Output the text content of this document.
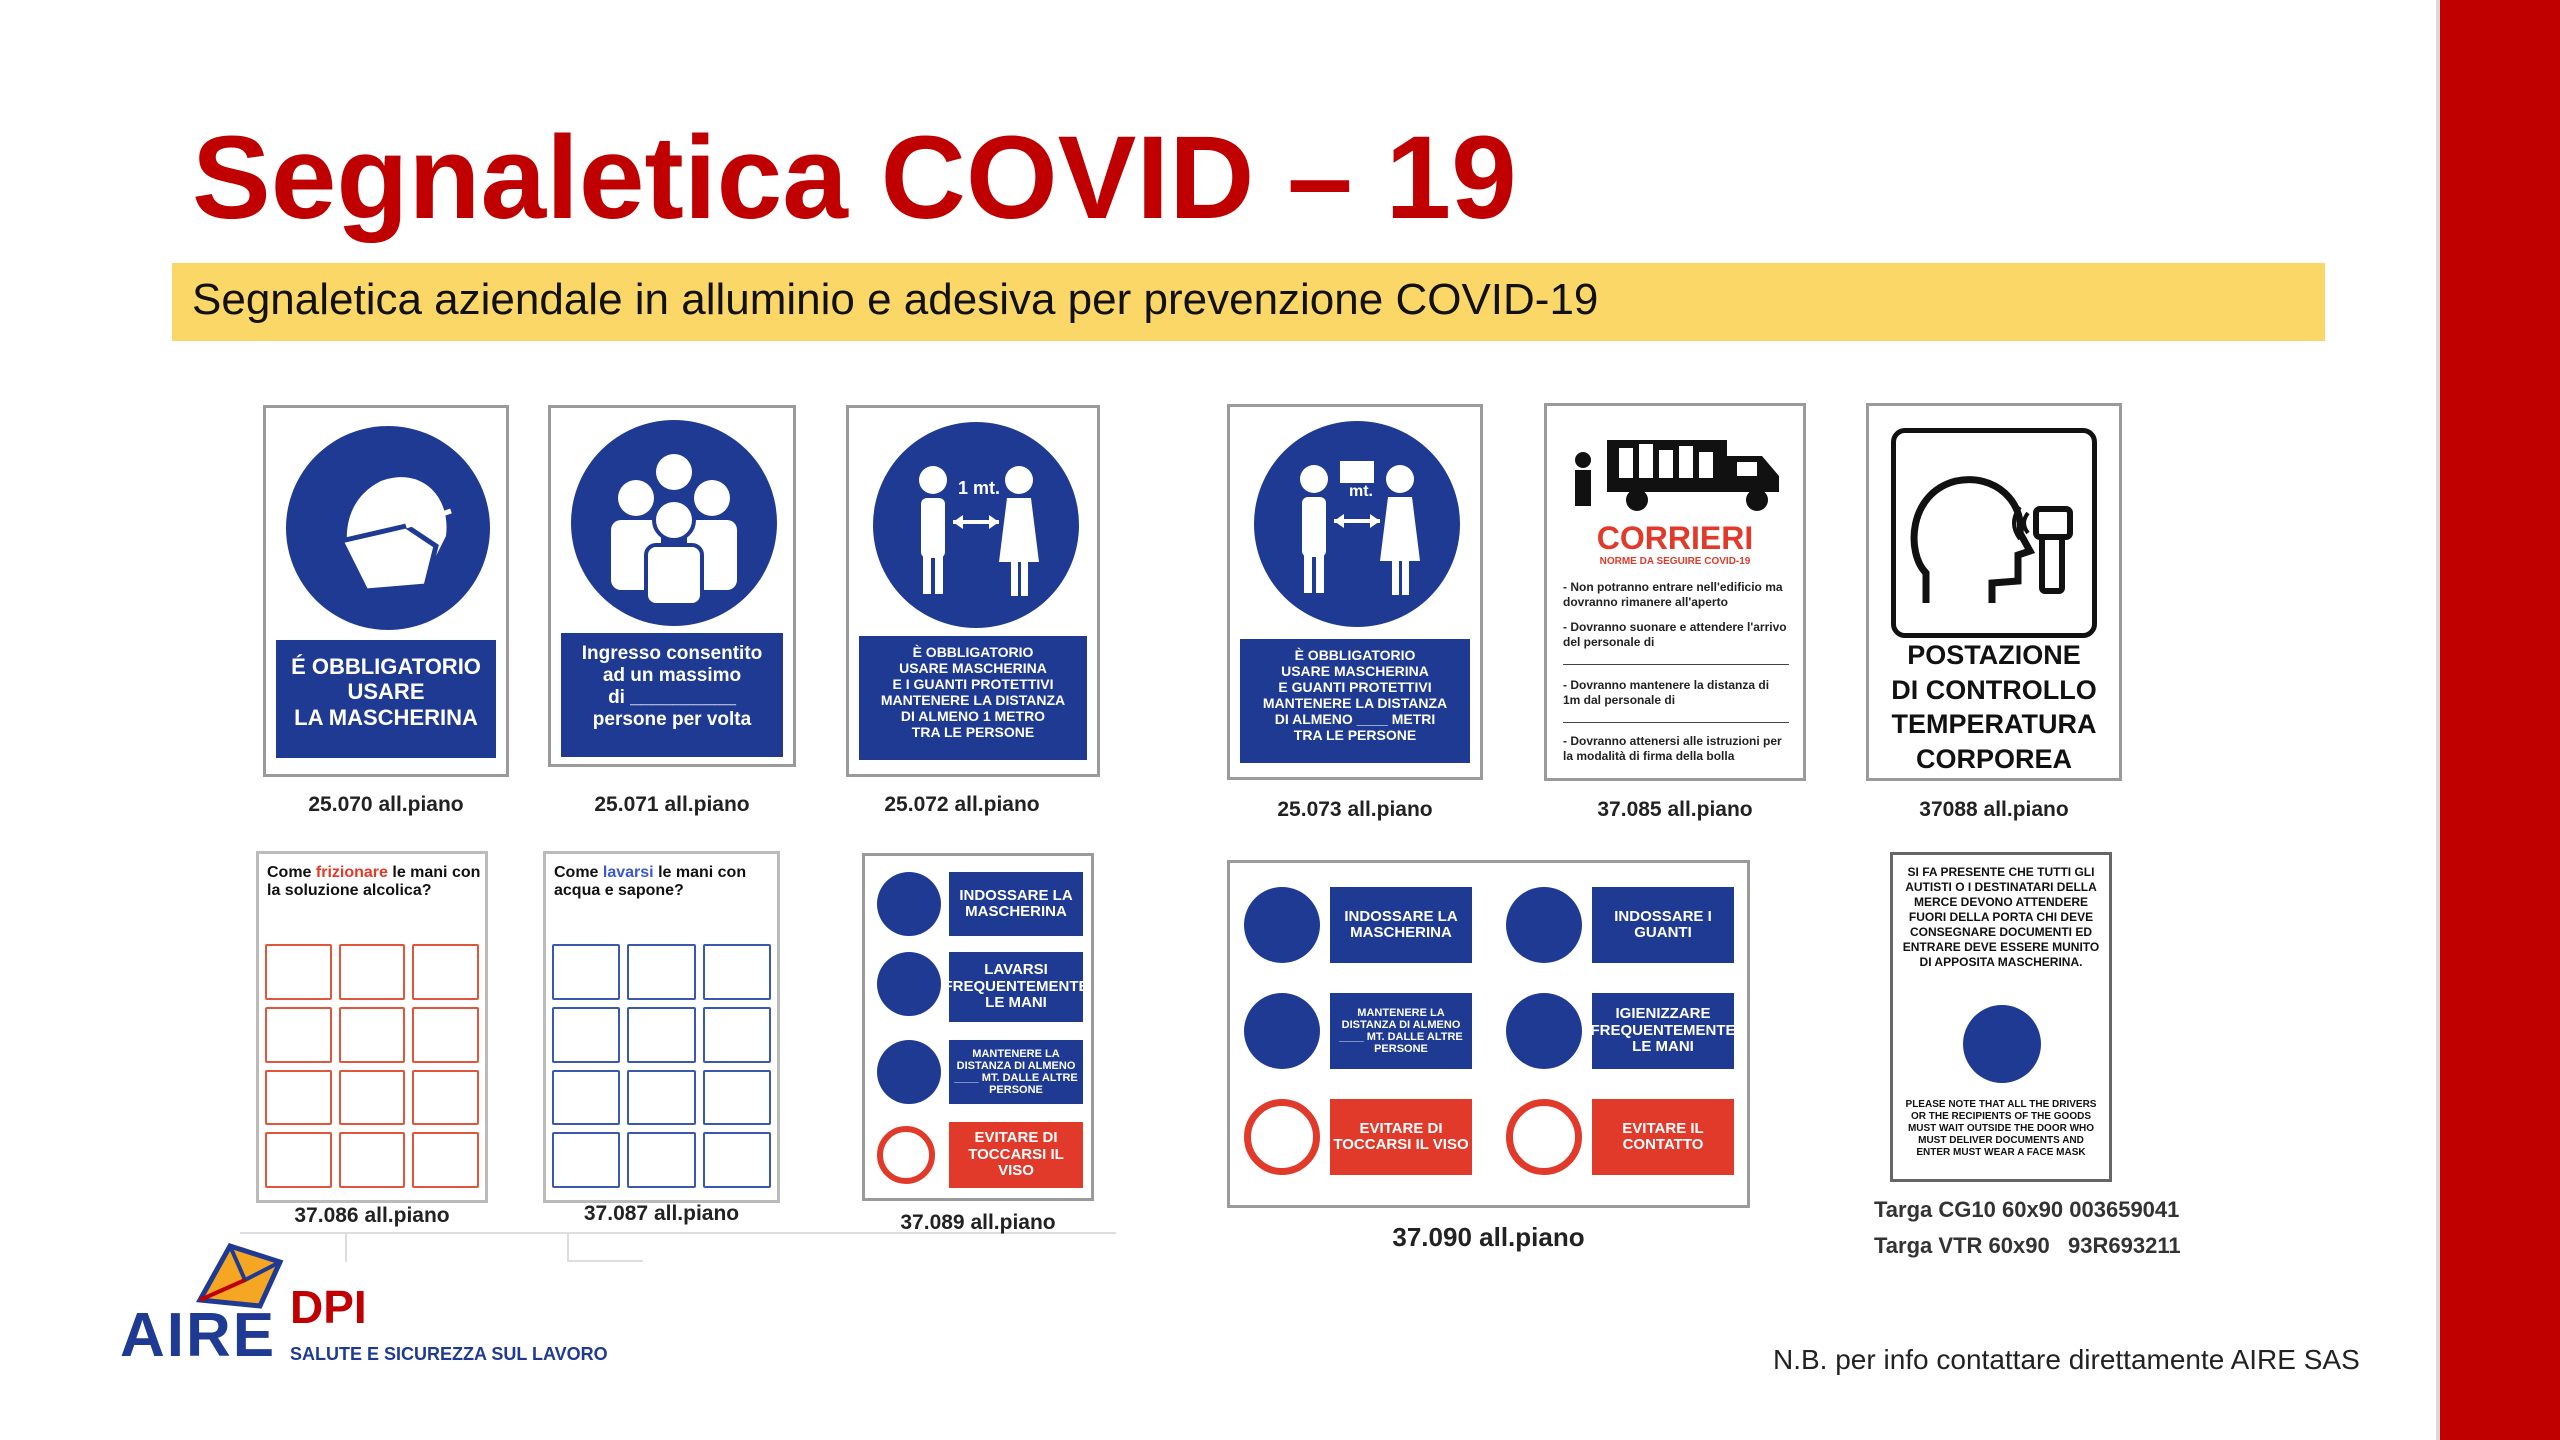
Segnaletica COVID – 19
Segnaletica aziendale in alluminio e adesiva per prevenzione COVID-19
É OBBLIGATORIO
USARE
LA MASCHERINA
25.070 all.piano
Ingresso consentito
ad un massimo
di __________
persone per volta
25.071 all.piano
1 mt.
È OBBLIGATORIO
USARE MASCHERINA
E I GUANTI PROTETTIVI
MANTENERE LA DISTANZA
DI ALMENO 1 METRO
TRA LE PERSONE
25.072 all.piano
mt.
È OBBLIGATORIO
USARE MASCHERINA
E GUANTI PROTETTIVI
MANTENERE LA DISTANZA
DI ALMENO ____ METRI
TRA LE PERSONE
25.073 all.piano
CORRIERI
NORME DA SEGUIRE COVID-19
- Non potranno entrare nell'edificio ma dovranno rimanere all'aperto
- Dovranno suonare e attendere l'arrivo del personale di
- Dovranno mantenere la distanza di 1m dal personale di
- Dovranno attenersi alle istruzioni per la modalità di firma della bolla
37.085 all.piano
POSTAZIONE
DI CONTROLLO
TEMPERATURA
CORPOREA
37088 all.piano
Come frizionare le mani con la soluzione alcolica?
37.086 all.piano
Come lavarsi le mani con acqua e sapone?
37.087 all.piano
INDOSSARE LA MASCHERINA
LAVARSI FREQUENTEMENTE LE MANI
MANTENERE LA DISTANZA DI ALMENO ____ MT. DALLE ALTRE PERSONE
EVITARE DI TOCCARSI IL VISO
37.089 all.piano
INDOSSARE LA MASCHERINA
INDOSSARE I GUANTI
MANTENERE LA DISTANZA DI ALMENO ____ MT. DALLE ALTRE PERSONE
IGIENIZZARE FREQUENTEMENTE LE MANI
EVITARE DI TOCCARSI IL VISO
EVITARE IL CONTATTO
37.090 all.piano
SI FA PRESENTE CHE TUTTI GLI AUTISTI O I DESTINATARI DELLA MERCE DEVONO ATTENDERE FUORI DELLA PORTA CHI DEVE CONSEGNARE DOCUMENTI ED ENTRARE DEVE ESSERE MUNITO DI APPOSITA MASCHERINA.
PLEASE NOTE THAT ALL THE DRIVERS OR THE RECIPIENTS OF THE GOODS MUST WAIT OUTSIDE THE DOOR WHO MUST DELIVER DOCUMENTS AND ENTER MUST WEAR A FACE MASK
Targa CG10 60x90 003659041
Targa VTR 60x90   93R693211
AIRE DPI
SALUTE E SICUREZZA SUL LAVORO	N.B. per info contattare direttamente AIRE SAS
